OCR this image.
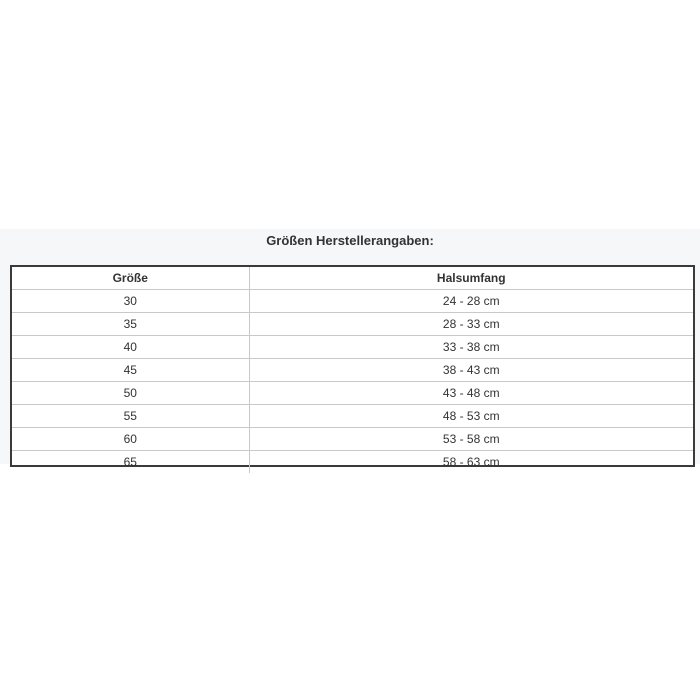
Größen Herstellerangaben:
Größe	Halsumfang
30	24 - 28 cm
35	28 - 33 cm
40	33 - 38 cm
45	38 - 43 cm
50	43 - 48 cm
55	48 - 53 cm
60	53 - 58 cm
65	58 - 63 cm
